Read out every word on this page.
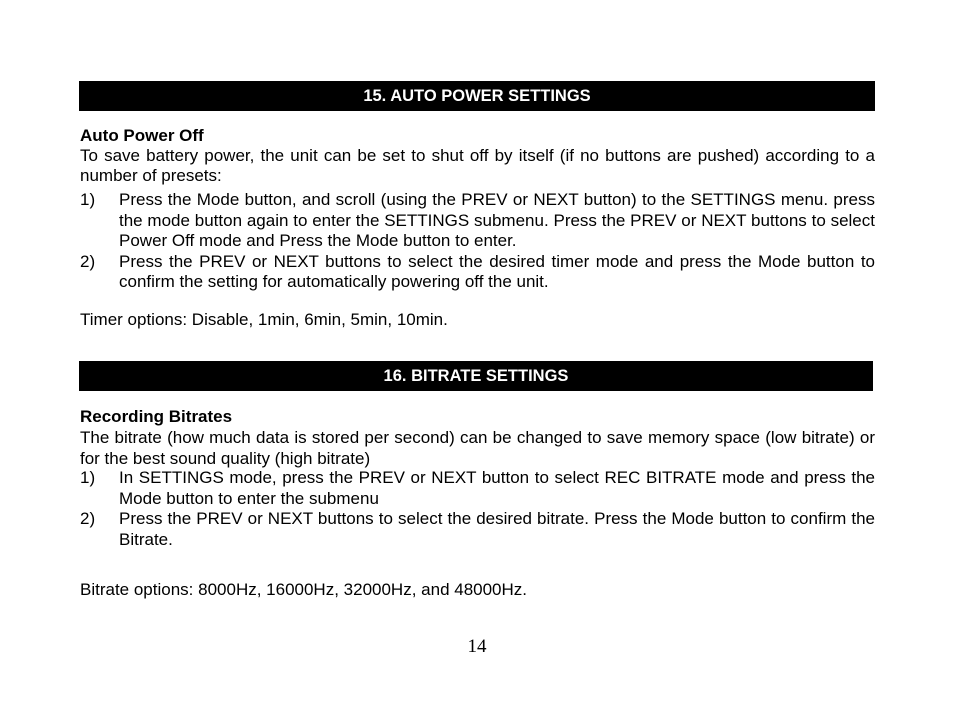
15. AUTO POWER SETTINGS
Auto Power Off
To save battery power, the unit can be set to shut off by itself (if no buttons are pushed) according to a number of presets:
1) Press the Mode button, and scroll (using the PREV or NEXT button) to the SETTINGS menu. press the mode button again to enter the SETTINGS submenu. Press the PREV or NEXT buttons to select Power Off mode and Press the Mode button to enter.
2) Press the PREV or NEXT buttons to select the desired timer mode and press the Mode button to confirm the setting for automatically powering off the unit.
Timer options: Disable, 1min, 6min, 5min, 10min.
16. BITRATE SETTINGS
Recording Bitrates
The bitrate (how much data is stored per second) can be changed to save memory space (low bitrate) or for the best sound quality (high bitrate)
1) In SETTINGS mode, press the PREV or NEXT button to select REC BITRATE mode and press the Mode button to enter the submenu
2) Press the PREV or NEXT buttons to select the desired bitrate. Press the Mode button to confirm the Bitrate.
Bitrate options: 8000Hz, 16000Hz, 32000Hz, and 48000Hz.
14
